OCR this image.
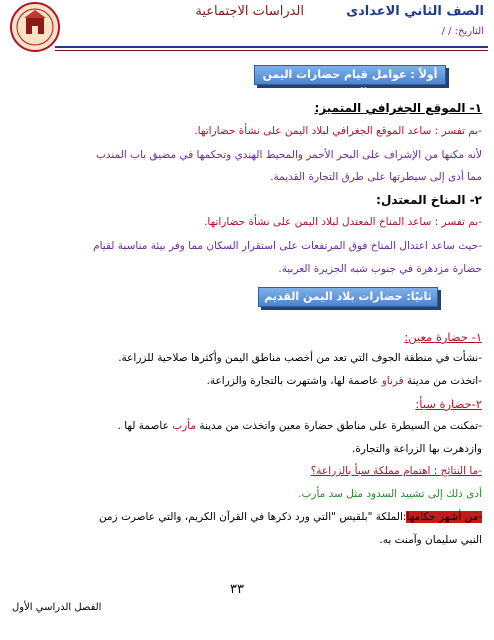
الصف الثاني الاعدادى
الدراسات الاجتماعية
التاريخ: / /
أولاً : عوامل قيام حضارات اليمن القديم
١- الموقع الجغرافي المتميز:
-بم تفسر : ساعد الموقع الجغرافي لبلاد اليمن على نشأة حضاراتها.
لأنه مكنها من الإشراف على البحر الأحمر والمحيط الهندي وتحكمها في مضيق باب المندب
مما أدى إلى سيطرتها على طرق التجارة القديمة.
٢- المناخ المعتدل:
-بم تفسر : ساعد المناخ المعتدل لبلاد اليمن على نشأة حضاراتها.
-حيث ساعد اعتدال المناخ فوق المرتفعات على استقرار السكان مما وفر بيئة مناسبة لقيام
حضارة مزدهرة في جنوب شبه الجزيرة العربية.
ثانيًا: حضارات بلاد اليمن القديم
١- حضارة معين:
-نشأت في منطقة الجوف التي تعد من أخصب مناطق اليمن وأكثرها صلاحية للزراعة.
-اتخذت من مدينة قرناو عاصمة لها، واشتهرت بالتجارة والزراعة.
٢-حضارة سبأ:
-تمكنت من السيطرة على مناطق حضارة معين واتخذت من مدينة مأرب عاصمة لها .
وازدهرت بها الزراعة والتجارة.
-ما النتائج : اهتمام مملكة سبأ بالزراعة؟
أدى ذلك إلى تشييد السدود مثل سد مأرب.
-من أشهر حكامها:الملكة "بلقيس "التي ورد ذكرها في القرآن الكريم، والتي عاصرت زمن
النبي سليمان وآمنت به.
٣٣
الفصل الدراسي الأول
